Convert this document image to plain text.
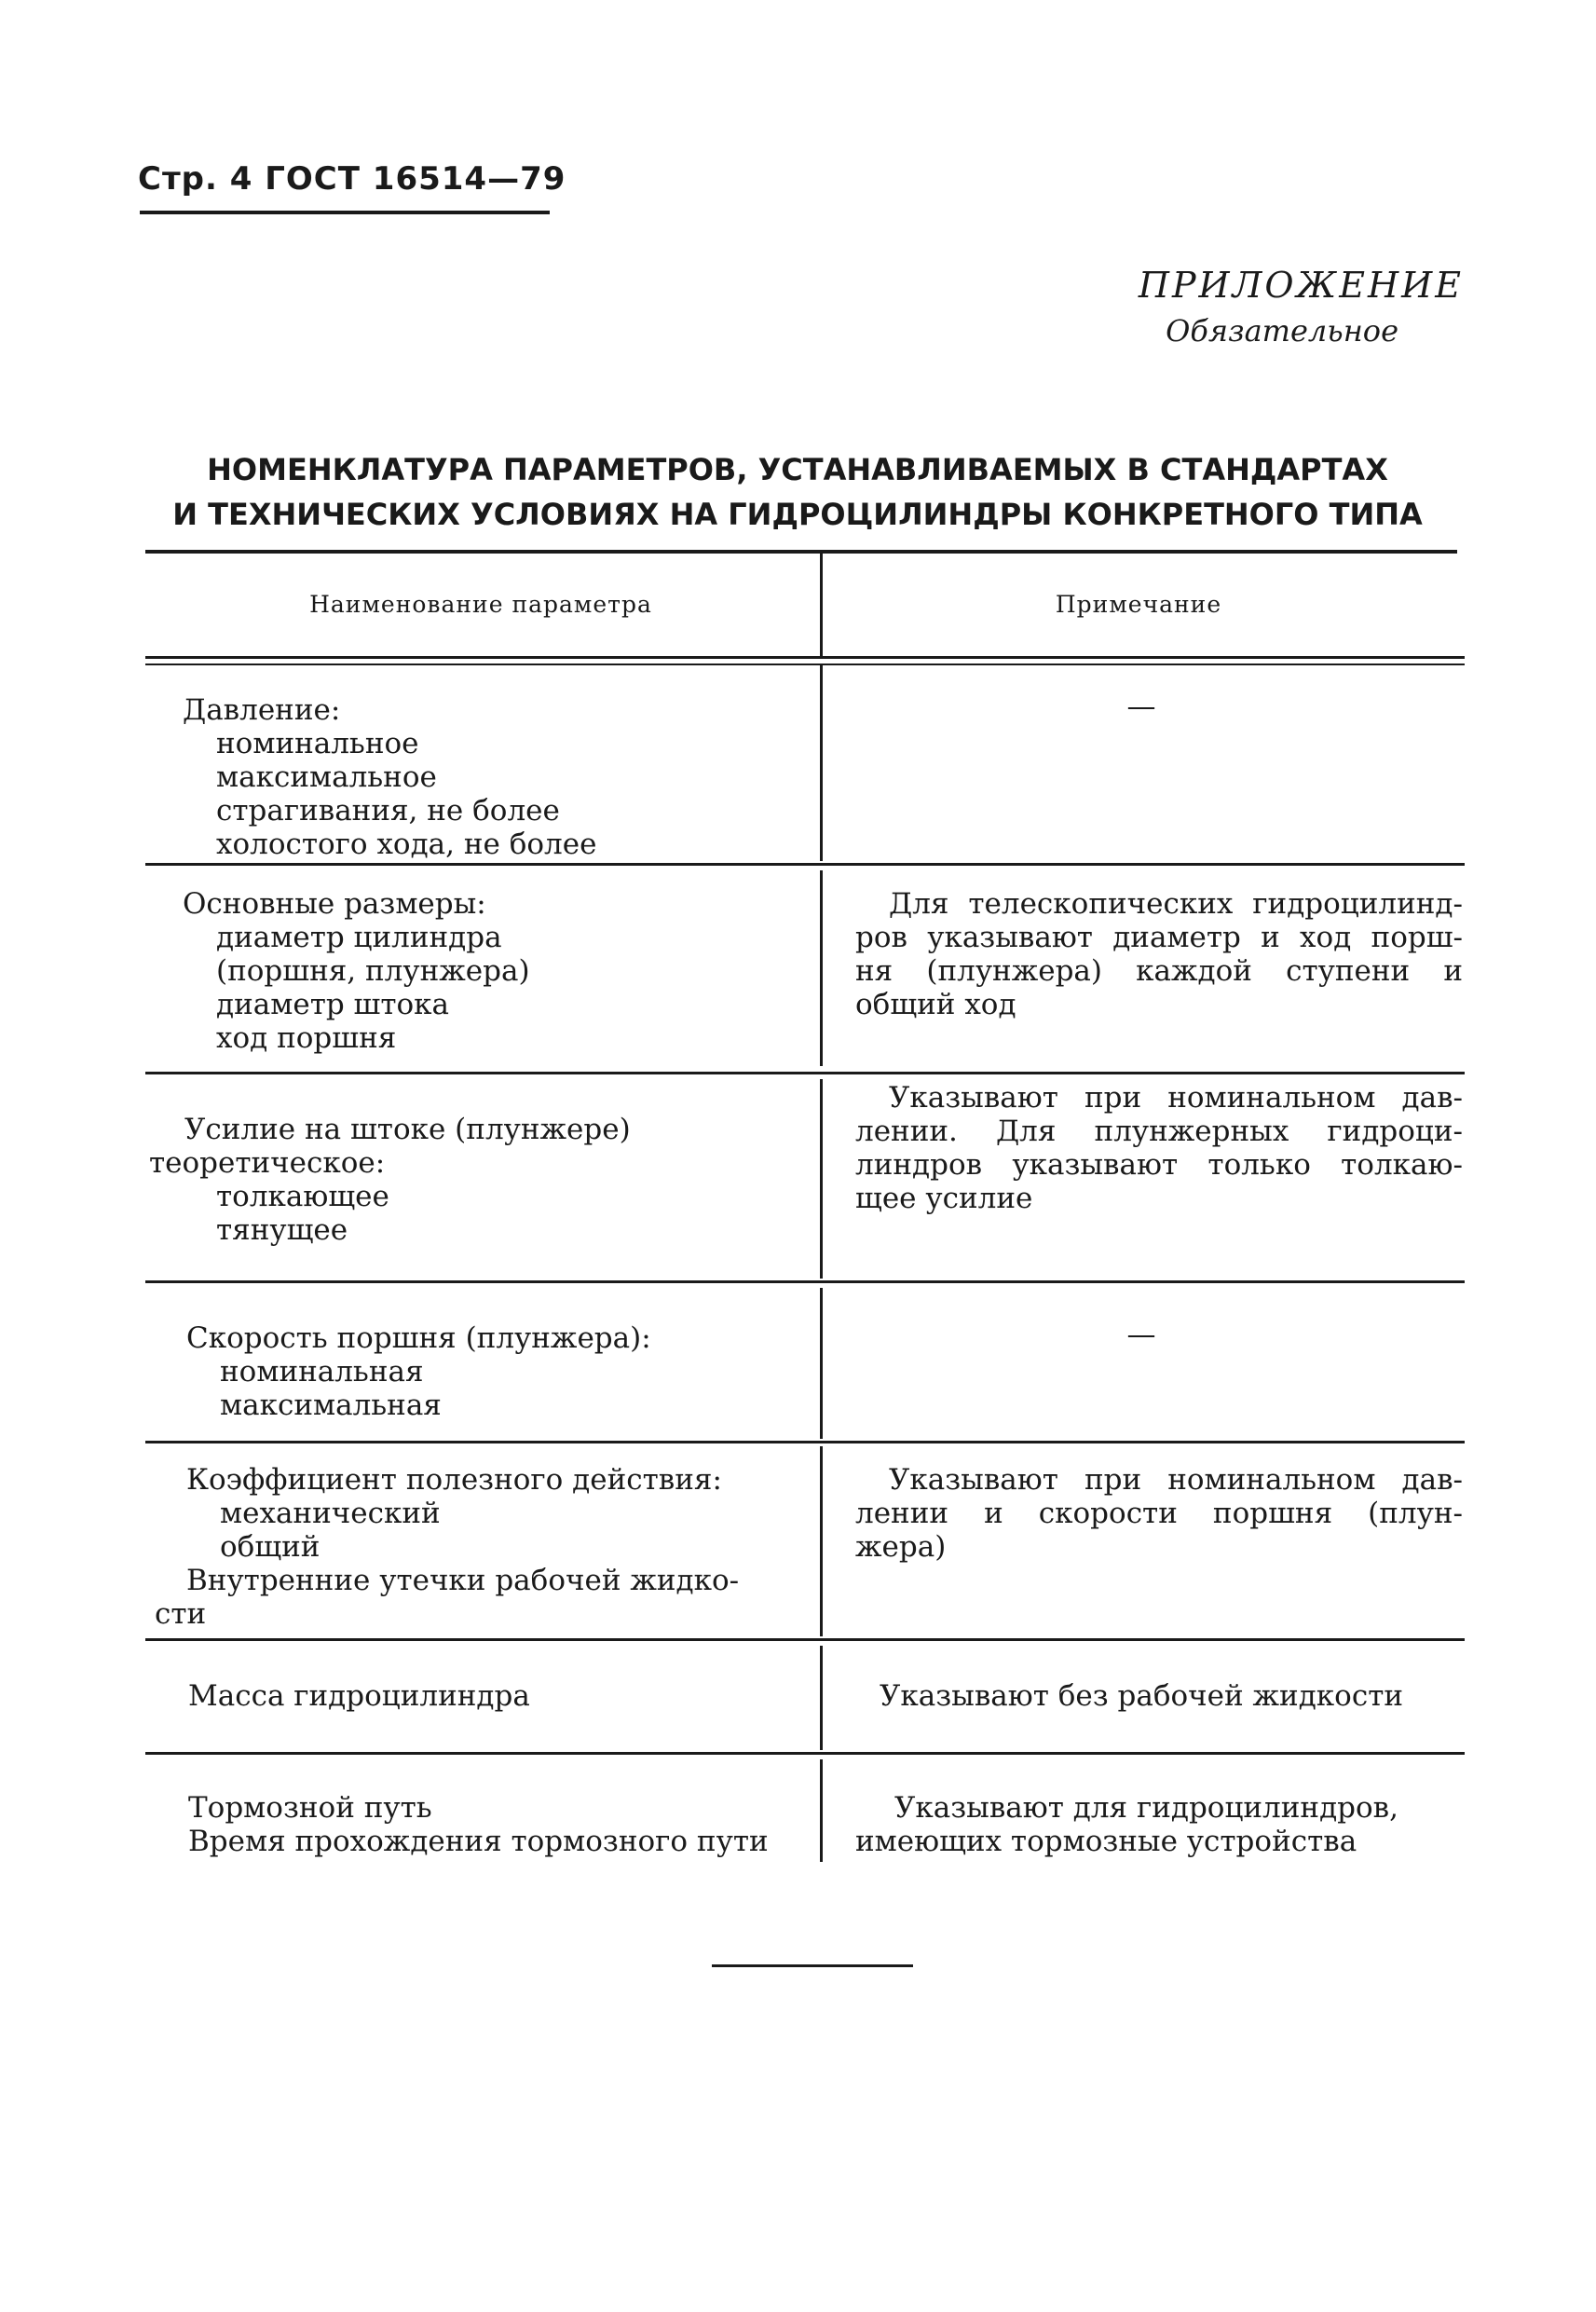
Стр. 4 ГОСТ 16514—79
ПРИЛОЖЕНИЕ
Обязательное
НОМЕНКЛАТУРА ПАРАМЕТРОВ, УСТАНАВЛИВАЕМЫХ В СТАНДАРТАХ
И ТЕХНИЧЕСКИХ УСЛОВИЯХ НА ГИДРОЦИЛИНДРЫ КОНКРЕТНОГО ТИПА
Наименование параметра	Примечание
Давление:
номинальное
максимальное
страгивания, не более
холостого хода, не более
—
Основные размеры:
диаметр цилиндра
(поршня, плунжера)
диаметр штока
ход поршня
Для телескопических гидроцилинд-
ров указывают диаметр и ход порш-
ня (плунжера) каждой ступени и
общий ход
Усилие на штоке (плунжере)
теоретическое:
толкающее
тянущее
Указывают при номинальном дав-
лении. Для плунжерных гидроци-
линдров указывают только толкаю-
щее усилие
Скорость поршня (плунжера):
номинальная
максимальная
—
Коэффициент полезного действия:
механический
общий
Внутренние утечки рабочей жидко-
сти
Указывают при номинальном дав-
лении и скорости поршня (плун-
жера)
Масса гидроцилиндра	Указывают без рабочей жидкости
Тормозной путь
Время прохождения тормозного пути
Указывают для гидроцилиндров,
имеющих тормозные устройства
